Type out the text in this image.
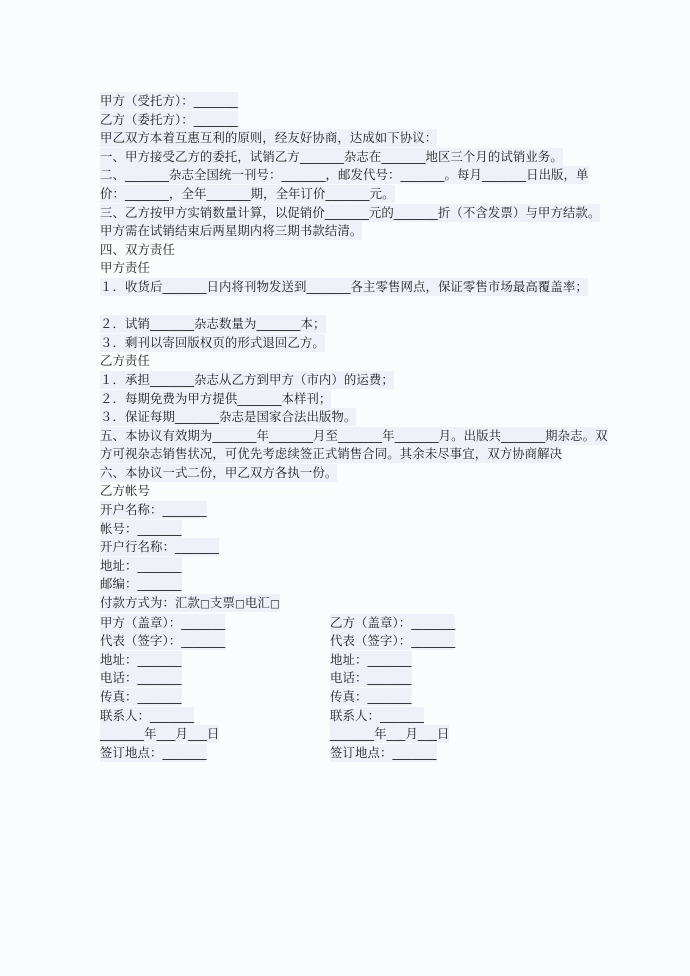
甲方（受托方）：_______

乙方（委托方）：_______

甲乙双方本着互惠互利的原则，经友好协商，达成如下协议：

一、甲方接受乙方的委托，试销乙方_______杂志在_______地区三个月的试销业务。

二、_______杂志全国统一刊号：_______，邮发代号：_______。每月_______日出版，单价：_______，全年_______期，全年订价_______元。

三、乙方按甲方实销数量计算，以促销价_______元的_______折（不含发票）与甲方结款。甲方需在试销结束后两星期内将三期书款结清。

四、双方责任

甲方责任

１．收货后_______日内将刊物发送到_______各主零售网点，保证零售市场最高覆盖率；

２．试销_______杂志数量为_______本；

３．剩刊以寄回版权页的形式退回乙方。

乙方责任

１．承担_______杂志从乙方到甲方（市内）的运费；

２．每期免费为甲方提供_______本样刊；

３．保证每期_______杂志是国家合法出版物。

五、本协议有效期为_______年_______月至_______年_______月。出版共_______期杂志。双方可视杂志销售状况，可优先考虑续签正式销售合同。其余未尽事宜，双方协商解决

六、本协议一式二份，甲乙双方各执一份。

乙方帐号

开户名称：_______

帐号：_______

开户行名称：_______

地址：_______

邮编：_______

付款方式为：汇款□支票□电汇□

甲方（盖章）：_______	乙方（盖章）：_______
代表（签字）：_______	代表（签字）：_______
地址：_______	地址：_______
电话：_______	电话：_______
传真：_______	传真：_______
联系人：_______	联系人：_______
_______年___月___日	_______年___月___日
签订地点：_______	签订地点：_______
